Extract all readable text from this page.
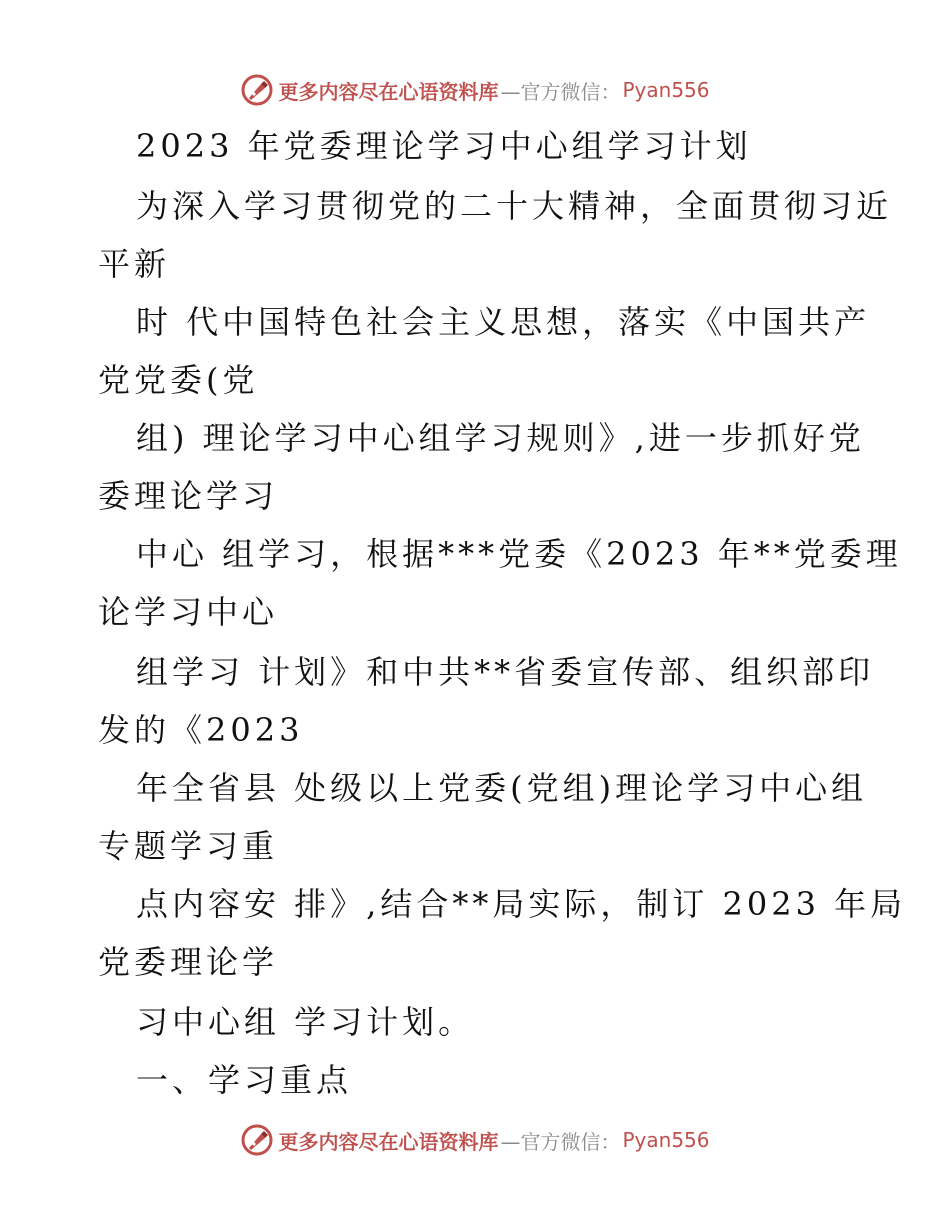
更多内容尽在心语资料库 —官方微信： Pyan556
2023 年党委理论学习中心组学习计划
为深入学习贯彻党的二十大精神，全面贯彻习近
平新
时 代中国特色社会主义思想，落实《中国共产
党党委(党
组) 理论学习中心组学习规则》,进一步抓好党
委理论学习
中心 组学习，根据***党委《2023 年**党委理
论学习中心
组学习 计划》和中共**省委宣传部、组织部印
发的《2023
年全省县 处级以上党委(党组)理论学习中心组
专题学习重
点内容安 排》,结合**局实际，制订 2023 年局
党委理论学
习中心组 学习计划。
一、学习重点
更多内容尽在心语资料库 —官方微信： Pyan556
